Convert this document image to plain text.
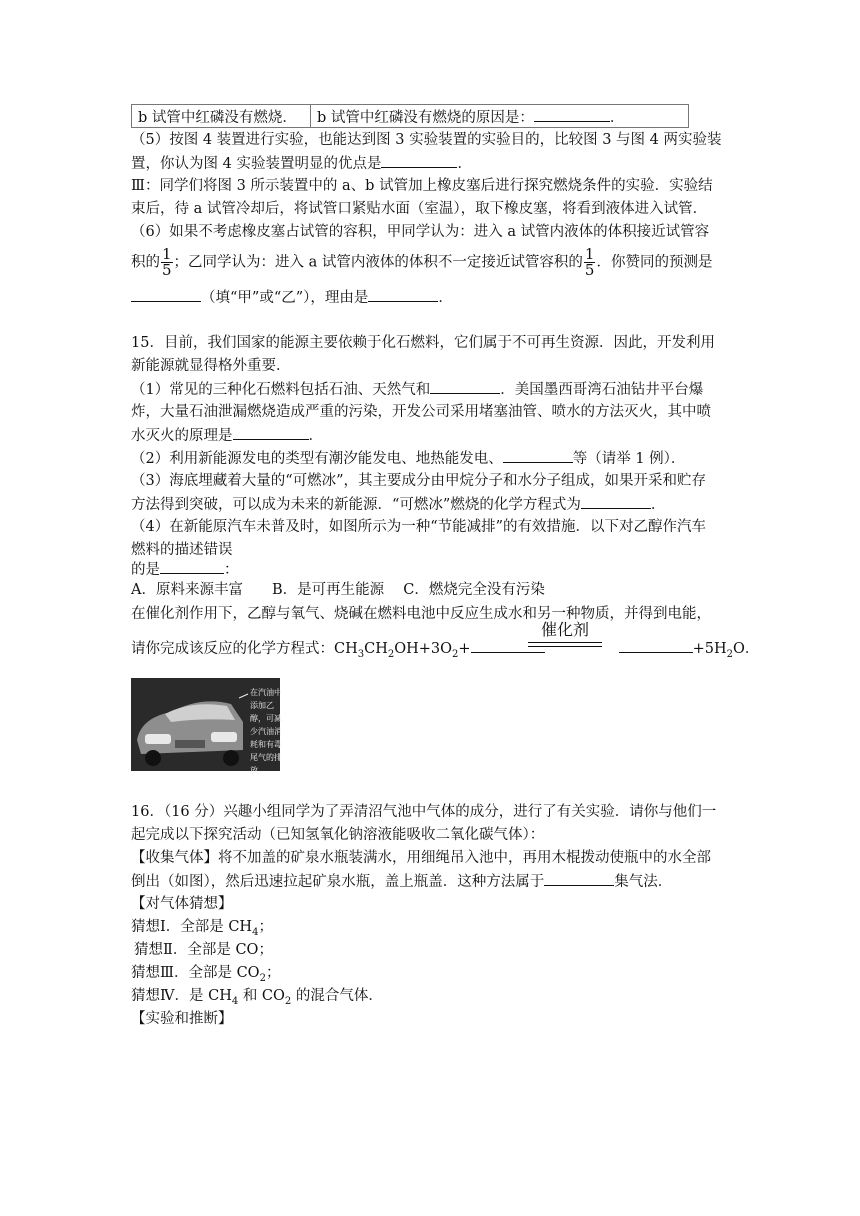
b 试管中红磷没有燃烧．	b 试管中红磷没有燃烧的原因是：	．
（5）按图 4 装置进行实验，也能达到图 3 实验装置的实验目的，比较图 3 与图 4 两实验装
置，你认为图 4 实验装置明显的优点是	．
Ⅲ：同学们将图 3 所示装置中的 a、b 试管加上橡皮塞后进行探究燃烧条件的实验．实验结
束后，待 a 试管冷却后，将试管口紧贴水面（室温），取下橡皮塞，将看到液体进入试管．
（6）如果不考虑橡皮塞占试管的容积，甲同学认为：进入 a 试管内液体的体积接近试管容
积的 $\frac{1}{5}$ ；乙同学认为：进入 a 试管内液体的体积不一定接近试管容积的 $\frac{1}{5}$ ．你赞同的预测是
（填“甲”或“乙”），理由是	．
15．目前，我们国家的能源主要依赖于化石燃料，它们属于不可再生资源．因此，开发利用
新能源就显得格外重要．
（1）常见的三种化石燃料包括石油、天然气和	．美国墨西哥湾石油钻井平台爆
炸，大量石油泄漏燃烧造成严重的污染，开发公司采用堵塞油管、喷水的方法灭火，其中喷
水灭火的原理是	．
（2）利用新能源发电的类型有潮汐能发电、地热能发电、	等（请举 1 例）．
（3）海底埋藏着大量的“可燃冰”，其主要成分由甲烷分子和水分子组成，如果开采和贮存
方法得到突破，可以成为未来的新能源．“可燃冰”燃烧的化学方程式为	．
（4）在新能原汽车未普及时，如图所示为一种“节能减排”的有效措施．以下对乙醇作汽车
燃料的描述错误
的是	：
A．原料来源丰富　　B．是可再生能源　 C．燃烧完全没有污染
在催化剂作用下，乙醇与氧气、烧碱在燃料电池中反应生成水和另一种物质，并得到电能，
请你完成该反应的化学方程式：$CH_3CH_2OH+3O_2+$	$+5H_2O$．
催化剂
在汽油中添加乙醇，可减少汽油消耗和有毒尾气的排放。
16．（16 分）兴趣小组同学为了弄清沼气池中气体的成分，进行了有关实验．请你与他们一
起完成以下探究活动（已知氢氧化钠溶液能吸收二氧化碳气体）：
【收集气体】将不加盖的矿泉水瓶装满水，用细绳吊入池中，再用木棍拨动使瓶中的水全部
倒出（如图），然后迅速拉起矿泉水瓶，盖上瓶盖．这种方法属于	集气法．
【对气体猜想】
猜想Ⅰ．全部是 $CH_4$；
猜想Ⅱ．全部是 CO；
猜想Ⅲ．全部是 $CO_2$；
猜想Ⅳ．是 $CH_4$ 和 $CO_2$ 的混合气体．
【实验和推断】
